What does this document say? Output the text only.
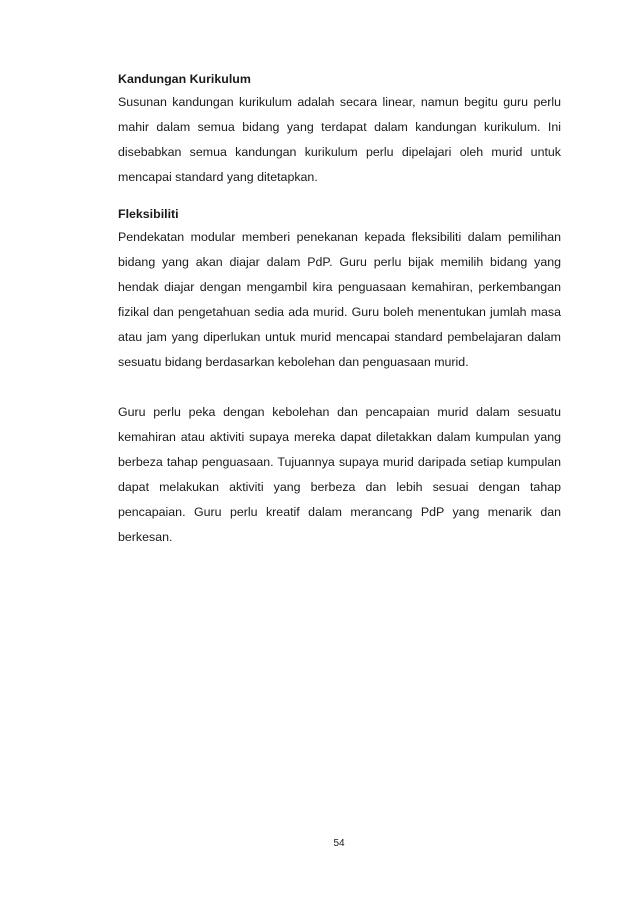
Kandungan Kurikulum

Susunan kandungan kurikulum adalah secara linear, namun begitu guru perlu mahir dalam semua bidang yang terdapat dalam kandungan kurikulum. Ini disebabkan semua kandungan kurikulum perlu dipelajari oleh murid untuk mencapai standard yang ditetapkan.

Fleksibiliti

Pendekatan modular memberi penekanan kepada fleksibiliti dalam pemilihan bidang yang akan diajar dalam PdP. Guru perlu bijak memilih bidang yang hendak diajar dengan mengambil kira penguasaan kemahiran, perkembangan fizikal dan pengetahuan sedia ada murid. Guru boleh menentukan jumlah masa atau jam yang diperlukan untuk murid mencapai standard pembelajaran dalam sesuatu bidang berdasarkan kebolehan dan penguasaan murid.

Guru perlu peka dengan kebolehan dan pencapaian murid dalam sesuatu kemahiran atau aktiviti supaya mereka dapat diletakkan dalam kumpulan yang berbeza tahap penguasaan. Tujuannya supaya murid daripada setiap kumpulan dapat melakukan aktiviti yang berbeza dan lebih sesuai dengan tahap pencapaian. Guru perlu kreatif dalam merancang PdP yang menarik dan berkesan.

54
